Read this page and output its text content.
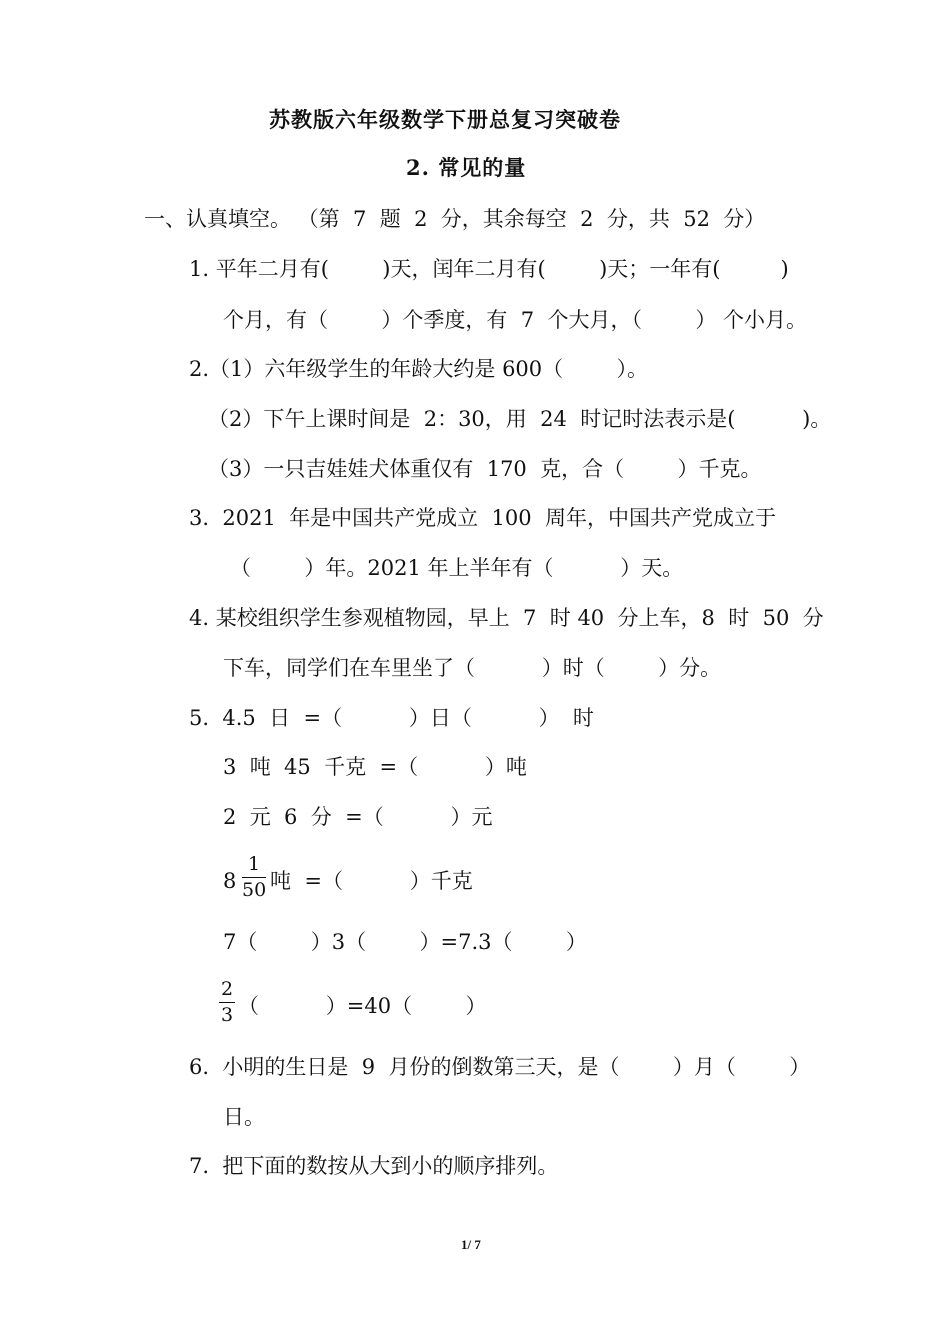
苏教版六年级数学下册总复习突破卷
2. 常见的量
一、认真填空。 （第  7  题  2  分，其余每空  2  分，共  52  分）
1. 平年二月有(        )天，闰年二月有(        )天；一年有(         )
个月，有（        ）个季度，有  7  个大月，（        ） 个小月。
2.（1）六年级学生的年龄大约是 600（        ）。
（2）下午上课时间是  2：30，用  24  时记时法表示是(          )。
（3）一只吉娃娃犬体重仅有  170  克，合（        ）千克。
3.  2021  年是中国共产党成立  100  周年，中国共产党成立于
（        ）年。2021 年上半年有（          ）天。
4. 某校组织学生参观植物园，早上  7  时 40  分上车，8  时  50  分
下车，同学们在车里坐了（          ）时（        ）分。
5.  4.5  日  =（          ）日（          ）  时
3  吨  45  千克  =（          ）吨
2  元  6  分  =（          ）元
$8 \frac{1}{50}$ 吨  =（          ）千克
7（        ）3（        ）=7.3（        ）
$\frac{2}{3}$ （          ）=40（        ）
6.  小明的生日是  9  月份的倒数第三天，是（        ）月（        ）
日。
7.  把下面的数按从大到小的顺序排列。
1/ 7
